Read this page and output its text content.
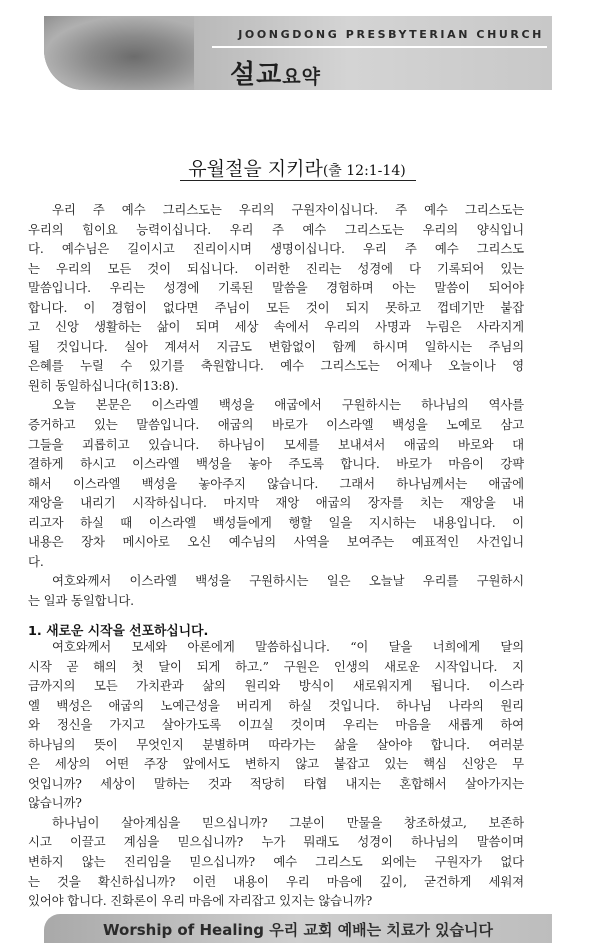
JOONGDONG PRESBYTERIAN CHURCH
설교요약
유월절을 지키라(출 12:1-14)
우리 주 예수 그리스도는 우리의 구원자이십니다. 주 예수 그리스도는
우리의 힘이요 능력이십니다. 우리 주 예수 그리스도는 우리의 양식입니
다. 예수님은 길이시고 진리이시며 생명이십니다. 우리 주 예수 그리스도
는 우리의 모든 것이 되십니다. 이러한 진리는 성경에 다 기록되어 있는
말씀입니다. 우리는 성경에 기록된 말씀을 경험하며 아는 말씀이 되어야
합니다. 이 경험이 없다면 주님이 모든 것이 되지 못하고 껍데기만 붙잡
고 신앙 생활하는 삶이 되며 세상 속에서 우리의 사명과 누림은 사라지게
될 것입니다. 실아 계셔서 지금도 변함없이 함께 하시며 일하시는 주님의
은혜를 누릴 수 있기를 축원합니다. 예수 그리스도는 어제나 오늘이나 영
원히 동일하십니다(히13:8).
오늘 본문은 이스라엘 백성을 애굽에서 구원하시는 하나님의 역사를
증거하고 있는 말씀입니다. 애굽의 바로가 이스라엘 백성을 노예로 삼고
그들을 괴롭히고 있습니다. 하나님이 모세를 보내셔서 애굽의 바로와 대
결하게 하시고 이스라엘 백성을 놓아 주도록 합니다. 바로가 마음이 강퍅
해서 이스라엘 백성을 놓아주지 않습니다. 그래서 하나님께서는 애굽에
재앙을 내리기 시작하십니다. 마지막 재앙 애굽의 장자를 치는 재앙을 내
리고자 하실 때 이스라엘 백성들에게 행할 일을 지시하는 내용입니다. 이
내용은 장차 메시아로 오신 예수님의 사역을 보여주는 예표적인 사건입니
다.
여호와께서 이스라엘 백성을 구원하시는 일은 오늘날 우리를 구원하시
는 일과 동일합니다.
1. 새로운 시작을 선포하십니다.
여호와께서 모세와 아론에게 말씀하십니다. “이 달을 너희에게 달의
시작 곧 해의 첫 달이 되게 하고.” 구원은 인생의 새로운 시작입니다. 지
금까지의 모든 가치관과 삶의 원리와 방식이 새로워지게 됩니다. 이스라
엘 백성은 애굽의 노예근성을 버리게 하실 것입니다. 하나님 나라의 원리
와 정신을 가지고 살아가도록 이끄실 것이며 우리는 마음을 새롭게 하여
하나님의 뜻이 무엇인지 분별하며 따라가는 삶을 살아야 합니다. 여러분
은 세상의 어떤 주장 앞에서도 변하지 않고 붙잡고 있는 핵심 신앙은 무
엇입니까? 세상이 말하는 것과 적당히 타협 내지는 혼합해서 살아가지는
않습니까?
하나님이 살아계심을 믿으십니까? 그분이 만물을 창조하셨고, 보존하
시고 이끌고 계심을 믿으십니까? 누가 뭐래도 성경이 하나님의 말씀이며
변하지 않는 진리임을 믿으십니까? 예수 그리스도 외에는 구원자가 없다
는 것을 확신하십니까? 이런 내용이 우리 마음에 깊이, 굳건하게 세워져
있어야 합니다. 진화론이 우리 마음에 자리잡고 있지는 않습니까?
Worship of Healing 우리 교회 예배는 치료가 있습니다
